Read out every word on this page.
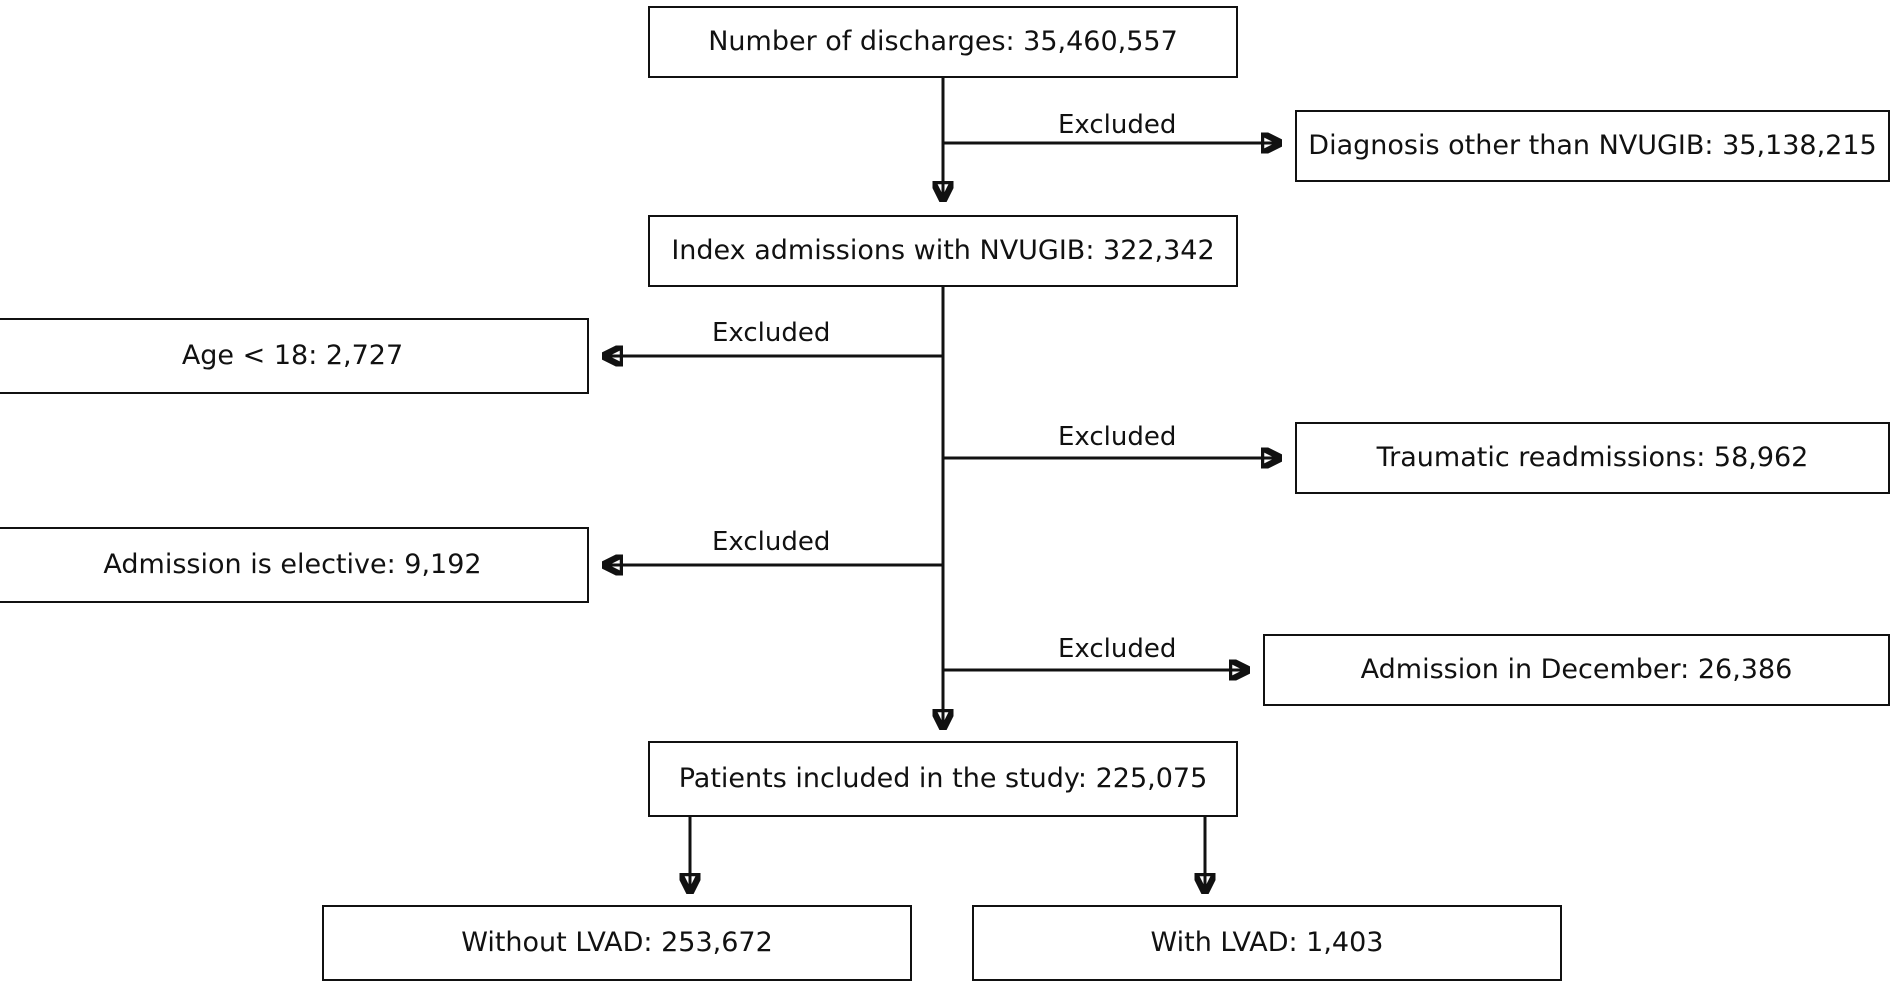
Number of discharges: 35,460,557
Diagnosis other than NVUGIB: 35,138,215
Index admissions with NVUGIB: 322,342
Age < 18: 2,727
Traumatic readmissions: 58,962
Admission is elective: 9,192
Admission in December: 26,386
Patients included in the study: 225,075
Without LVAD: 253,672	With LVAD: 1,403
Excluded
Excluded
Excluded
Excluded
Excluded
